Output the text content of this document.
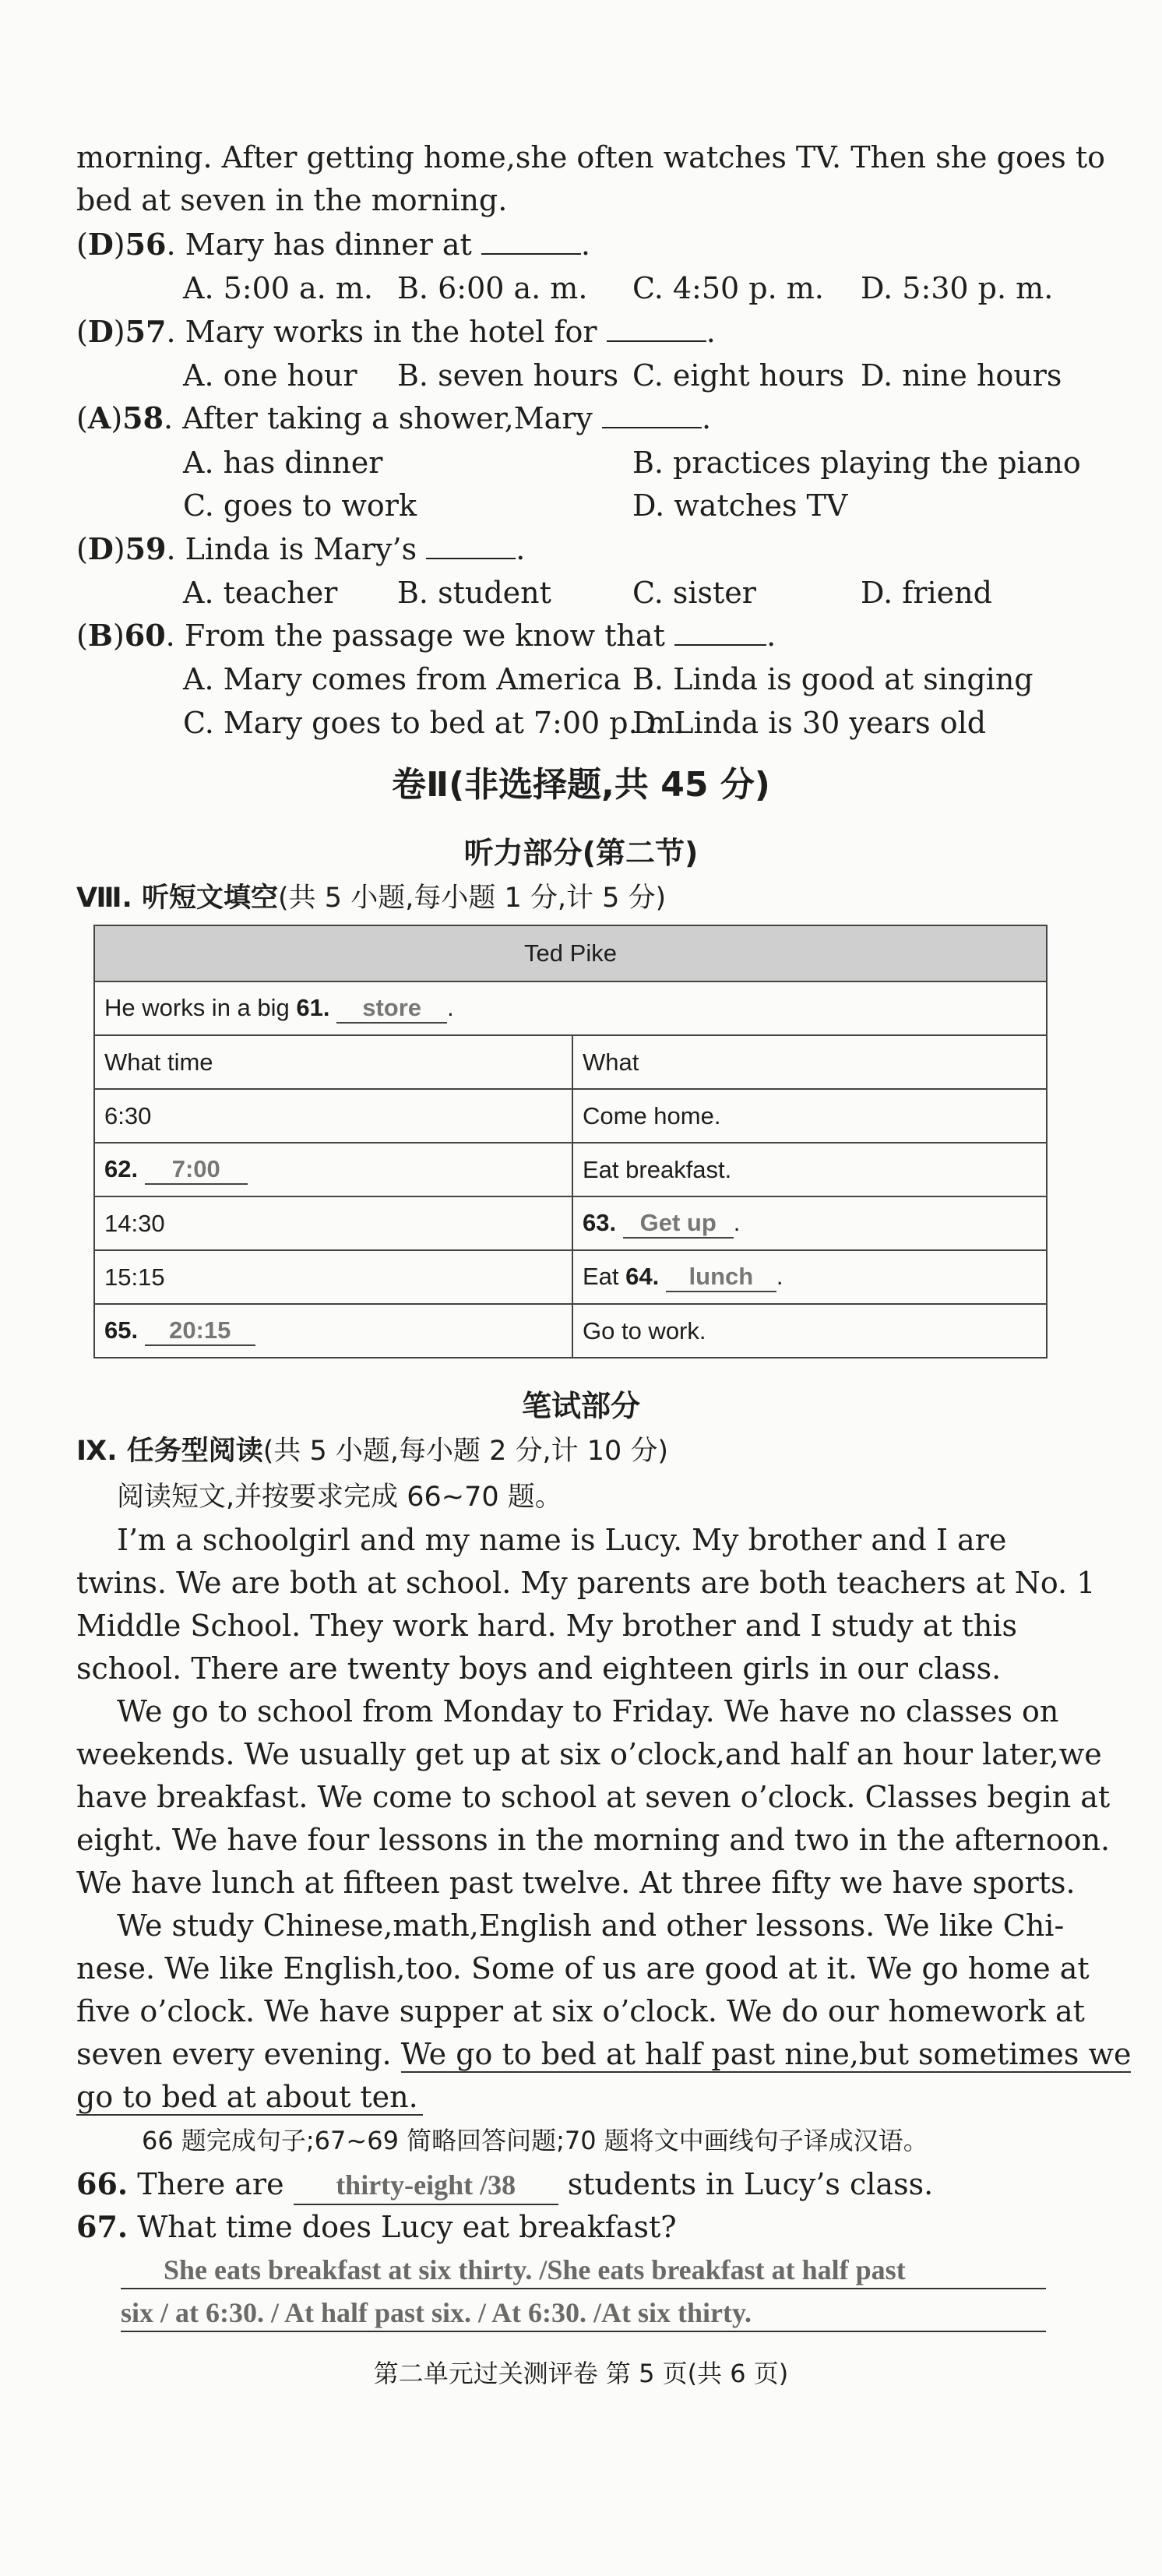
morning. After getting home,she often watches TV. Then she goes to
bed at seven in the morning.
(D)56. Mary has dinner at	.
A. 5:00 a. m. B. 6:00 a. m. C. 4:50 p. m. D. 5:30 p. m.
(D)57. Mary works in the hotel for	.
A. one hour B. seven hours C. eight hours D. nine hours
(A)58. After taking a shower,Mary	.
A. has dinner	B. practices playing the piano
C. goes to work	D. watches TV
(D)59. Linda is Mary’s	.
A. teacher B. student	C. sister	D. friend
(B)60. From the passage we know that	.
A. Mary comes from America B. Linda is good at singing
C. Mary goes to bed at 7:00 p. m.
D. Linda is 30 years old
卷Ⅱ(非选择题,共 45 分)
听力部分(第二节)
Ⅷ. 听短文填空(共 5 小题,每小题 1 分,计 5 分)
Ted Pike	
He works in a big 61. store .	
What time	What
6:30	Come home.
62. 7:00	Eat breakfast.
14:30	63. Get up .
15:15	Eat 64. lunch .
65. 20:15	Go to work.
笔试部分
Ⅸ. 任务型阅读(共 5 小题,每小题 2 分,计 10 分)
阅读短文,并按要求完成 66~70 题。
I’m a schoolgirl and my name is Lucy. My brother and I are
twins. We are both at school. My parents are both teachers at No. 1
Middle School. They work hard. My brother and I study at this
school. There are twenty boys and eighteen girls in our class.
We go to school from Monday to Friday. We have no classes on
weekends. We usually get up at six o’clock,and half an hour later,we
have breakfast. We come to school at seven o’clock. Classes begin at
eight. We have four lessons in the morning and two in the afternoon.
We have lunch at fifteen past twelve. At three fifty we have sports.
We study Chinese,math,English and other lessons. We like Chi-
nese. We like English,too. Some of us are good at it. We go home at
five o’clock. We have supper at six o’clock. We do our homework at
seven every evening. We go to bed at half past nine,but sometimes we
go to bed at about ten.
66 题完成句子;67~69 简略回答问题;70 题将文中画线句子译成汉语。
66. There are thirty-eight /38 students in Lucy’s class.
67. What time does Lucy eat breakfast?
She eats breakfast at six thirty. /She eats breakfast at half past
six / at 6:30. / At half past six. / At 6:30. /At six thirty.
第二单元过关测评卷 第 5 页(共 6 页)
